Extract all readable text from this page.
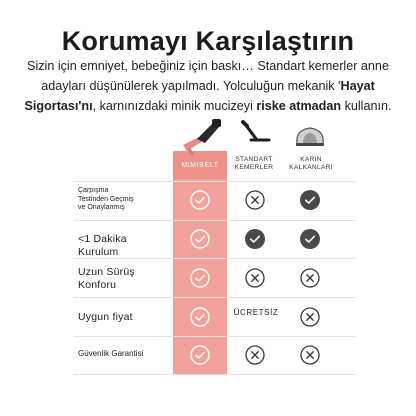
Korumayı Karşılaştırın
Sizin için emniyet, bebeğiniz için baskı… Standart kemerler anne adayları düşünülerek yapılmadı. Yolculuğun mekanik 'Hayat Sigortası'nı, karnınızdaki minik mucizeyi riske atmadan kullanın.
MIMIBELT
STANDART
KEMERLER
KARIN
KALKANLARI
Çarpışma
Testinden Geçmiş
ve Onaylanmış
<1 Dakika
Kurulum
Uzun Sürüş
Konforu
Uygun fiyat
Güvenlik Garantisi
ÜCRETSİZ
